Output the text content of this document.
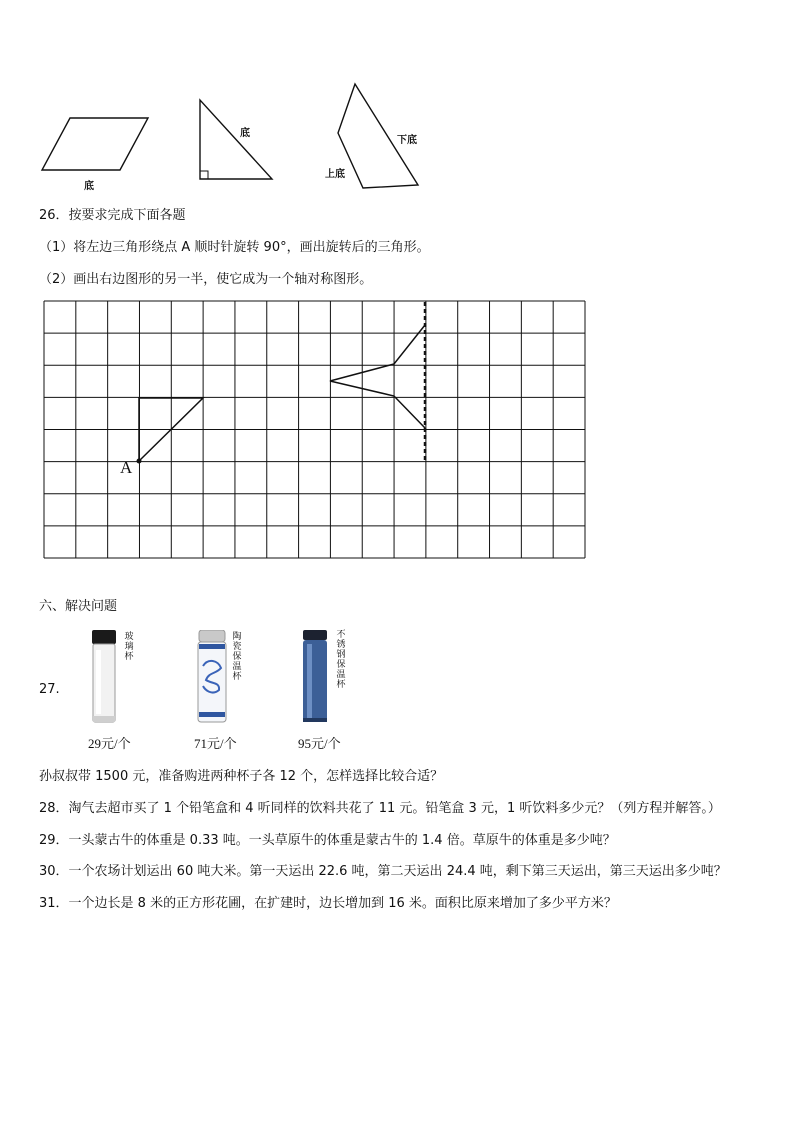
底
底
下底
上底
26．按要求完成下面各题
（1）将左边三角形绕点 A 顺时针旋转 90°，画出旋转后的三角形。
（2）画出右边图形的另一半，使它成为一个轴对称图形。
A
六、解决问题
27.
玻璃杯
29元/个
陶瓷保温杯
71元/个
不锈钢保温杯
95元/个
孙叔叔带 1500 元，准备购进两种杯子各 12 个，怎样选择比较合适？
28．淘气去超市买了 1 个铅笔盒和 4 听同样的饮料共花了 11 元。铅笔盒 3 元，1 听饮料多少元？（列方程并解答。）
29．一头蒙古牛的体重是 0.33 吨。一头草原牛的体重是蒙古牛的 1.4 倍。草原牛的体重是多少吨？
30．一个农场计划运出 60 吨大米。第一天运出 22.6 吨，第二天运出 24.4 吨，剩下第三天运出，第三天运出多少吨？
31．一个边长是 8 米的正方形花圃，在扩建时，边长增加到 16 米。面积比原来增加了多少平方米？
